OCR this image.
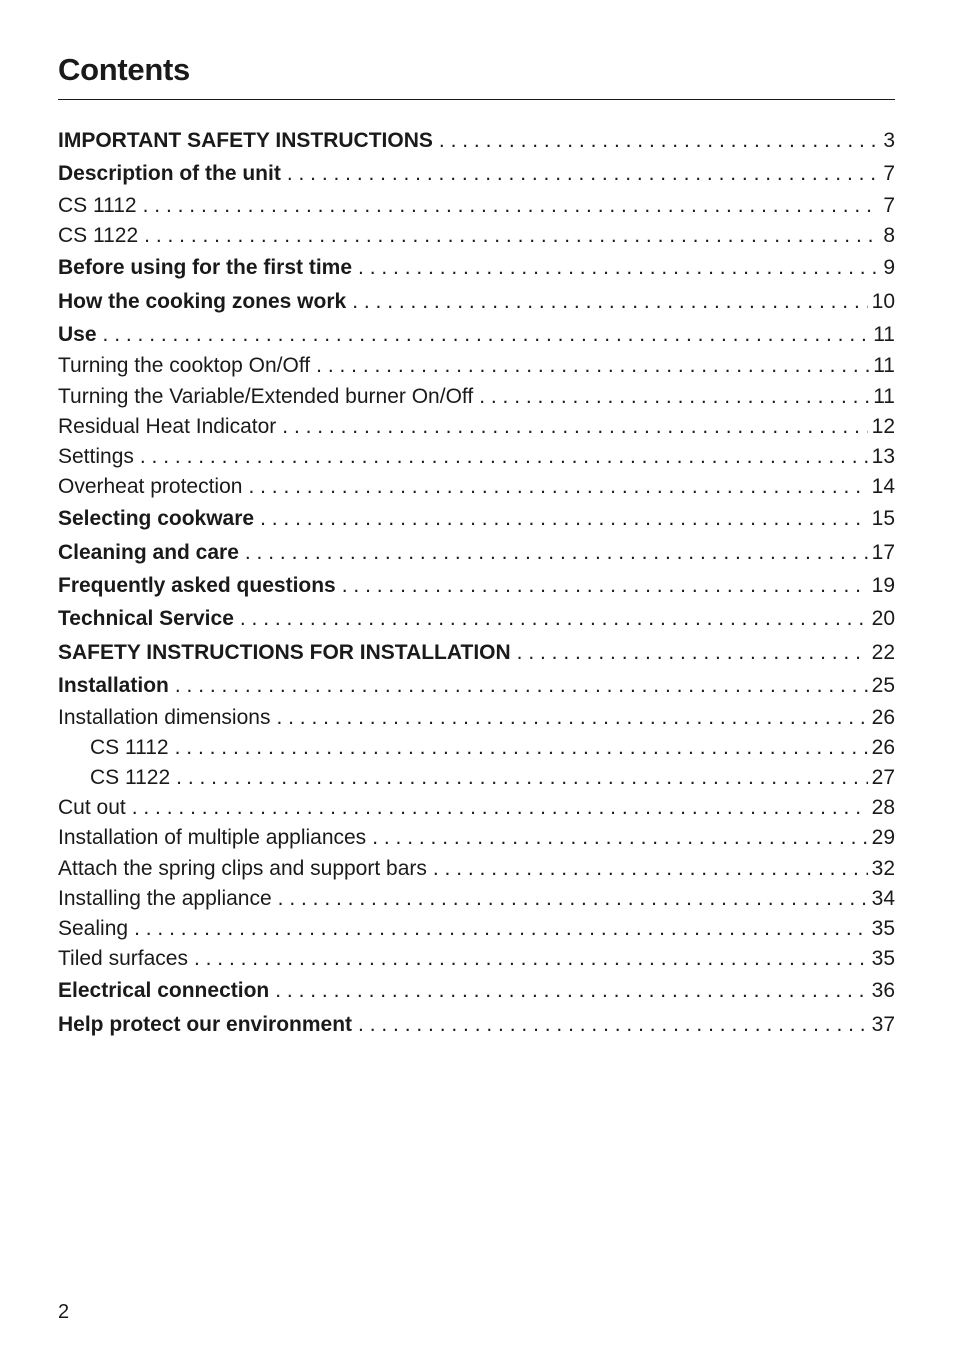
Contents
IMPORTANT SAFETY INSTRUCTIONS . . .	3
Description of the unit . . .	7
CS 1112 . . .	7
CS 1122 . . .	8
Before using for the first time . . .	9
How the cooking zones work . . .	10
Use . . .	11
Turning the cooktop On/Off . . .	11
Turning the Variable/Extended burner On/Off . . .	11
Residual Heat Indicator . . .	12
Settings . . .	13
Overheat protection . . .	14
Selecting cookware . . .	15
Cleaning and care . . .	17
Frequently asked questions . . .	19
Technical Service . . .	20
SAFETY INSTRUCTIONS FOR INSTALLATION . . .	22
Installation . . .	25
Installation dimensions . . .	26
CS 1112 . . .	26
CS 1122 . . .	27
Cut out . . .	28
Installation of multiple appliances . . .	29
Attach the spring clips and support bars . . .	32
Installing the appliance . . .	34
Sealing . . .	35
Tiled surfaces . . .	35
Electrical connection . . .	36
Help protect our environment . . .	37
2
